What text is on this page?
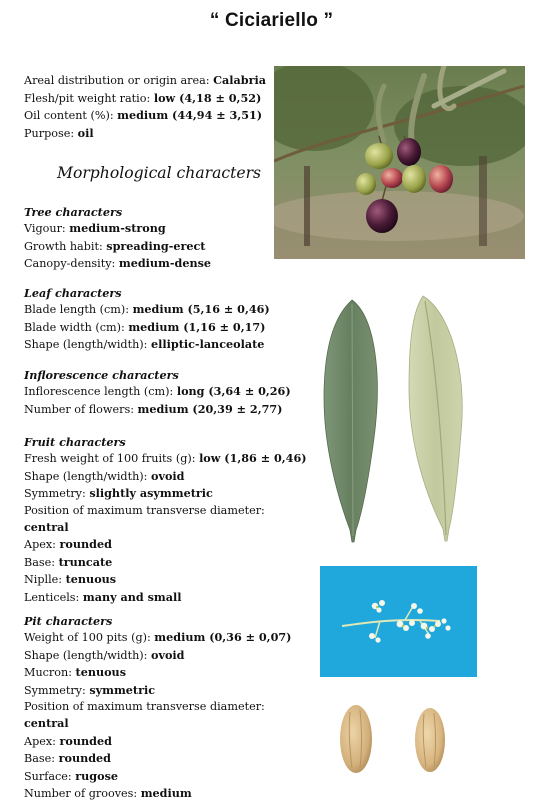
“ Ciciariello ”
Areal distribution or origin area: Calabria
Flesh/pit weight ratio: low (4,18 ± 0,52)
Oil content (%): medium (44,94 ± 3,51)
Purpose: oil
Morphological characters
Tree characters
Vigour: medium-strong
Growth habit: spreading-erect
Canopy-density: medium-dense
Leaf characters
Blade length (cm): medium (5,16 ± 0,46)
Blade width (cm): medium (1,16 ± 0,17)
Shape (length/width): elliptic-lanceolate
Inflorescence characters
Inflorescence length (cm): long (3,64 ± 0,26)
Number of flowers: medium (20,39 ± 2,77)
Fruit characters
Fresh weight of 100 fruits (g): low (1,86 ± 0,46)
Shape (length/width): ovoid
Symmetry: slightly asymmetric
Position of maximum transverse diameter:
central
Apex: rounded
Base: truncate
Niplle: tenuous
Lenticels: many and small
Pit characters
Weight of 100 pits (g): medium (0,36 ± 0,07)
Shape (length/width): ovoid
Mucron: tenuous
Symmetry: symmetric
Position of maximum transverse diameter:
central
Apex: rounded
Base: rounded
Surface: rugose
Number of grooves: medium
